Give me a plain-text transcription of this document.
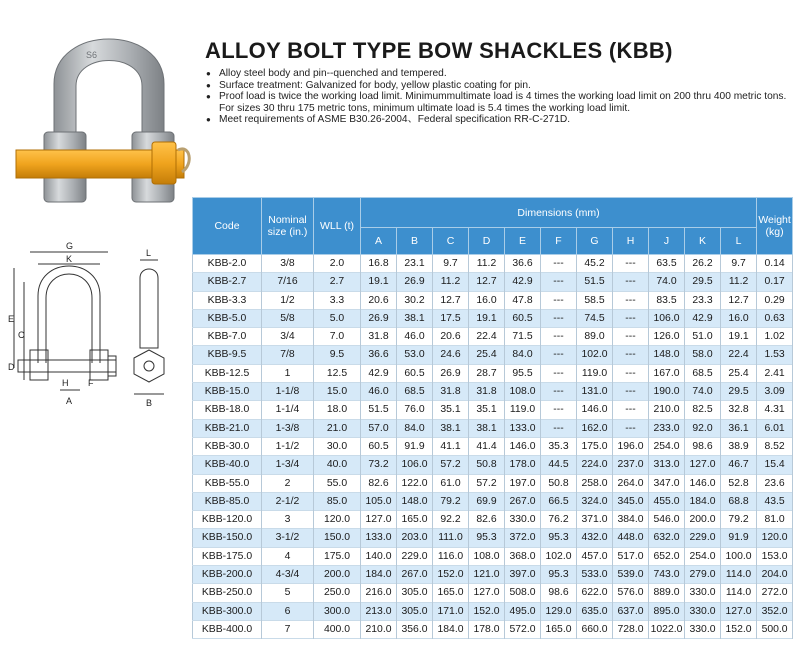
S6	ALLOY BOLT TYPE BOW SHACKLES (KBB)
● Alloy steel body and pin--quenched and tempered.
● Surface treatment: Galvanized for body, yellow plastic coating for pin.
● Proof load is twice the working load limit. Minimummultimate load is 4 times the working load limit on 200 thru 400 metric tons. For sizes 30 thru 175 metric tons, minimum ultimate load is 5.4 times the working load limit.
● Meet requirements of ASME B30.26-2004、Federal specification RR-C-271D.
G
K
E
C
D
H
A
F
L
B
Code	Nominal
size (in.)	WLL (t)	Dimensions (mm)											Weight
(kg)
			A	B	C	D	E	F	G	H	J	K	L	
KBB-2.0	3/8	2.0	16.8	23.1	9.7	11.2	36.6	---	45.2	---	63.5	26.2	9.7	0.14
KBB-2.7	7/16	2.7	19.1	26.9	11.2	12.7	42.9	---	51.5	---	74.0	29.5	11.2	0.17
KBB-3.3	1/2	3.3	20.6	30.2	12.7	16.0	47.8	---	58.5	---	83.5	23.3	12.7	0.29
KBB-5.0	5/8	5.0	26.9	38.1	17.5	19.1	60.5	---	74.5	---	106.0	42.9	16.0	0.63
KBB-7.0	3/4	7.0	31.8	46.0	20.6	22.4	71.5	---	89.0	---	126.0	51.0	19.1	1.02
KBB-9.5	7/8	9.5	36.6	53.0	24.6	25.4	84.0	---	102.0	---	148.0	58.0	22.4	1.53
KBB-12.5	1	12.5	42.9	60.5	26.9	28.7	95.5	---	119.0	---	167.0	68.5	25.4	2.41
KBB-15.0	1-1/8	15.0	46.0	68.5	31.8	31.8	108.0	---	131.0	---	190.0	74.0	29.5	3.09
KBB-18.0	1-1/4	18.0	51.5	76.0	35.1	35.1	119.0	---	146.0	---	210.0	82.5	32.8	4.31
KBB-21.0	1-3/8	21.0	57.0	84.0	38.1	38.1	133.0	---	162.0	---	233.0	92.0	36.1	6.01
KBB-30.0	1-1/2	30.0	60.5	91.9	41.1	41.4	146.0	35.3	175.0	196.0	254.0	98.6	38.9	8.52
KBB-40.0	1-3/4	40.0	73.2	106.0	57.2	50.8	178.0	44.5	224.0	237.0	313.0	127.0	46.7	15.4
KBB-55.0	2	55.0	82.6	122.0	61.0	57.2	197.0	50.8	258.0	264.0	347.0	146.0	52.8	23.6
KBB-85.0	2-1/2	85.0	105.0	148.0	79.2	69.9	267.0	66.5	324.0	345.0	455.0	184.0	68.8	43.5
KBB-120.0	3	120.0	127.0	165.0	92.2	82.6	330.0	76.2	371.0	384.0	546.0	200.0	79.2	81.0
KBB-150.0	3-1/2	150.0	133.0	203.0	111.0	95.3	372.0	95.3	432.0	448.0	632.0	229.0	91.9	120.0
KBB-175.0	4	175.0	140.0	229.0	116.0	108.0	368.0	102.0	457.0	517.0	652.0	254.0	100.0	153.0
KBB-200.0	4-3/4	200.0	184.0	267.0	152.0	121.0	397.0	95.3	533.0	539.0	743.0	279.0	114.0	204.0
KBB-250.0	5	250.0	216.0	305.0	165.0	127.0	508.0	98.6	622.0	576.0	889.0	330.0	114.0	272.0
KBB-300.0	6	300.0	213.0	305.0	171.0	152.0	495.0	129.0	635.0	637.0	895.0	330.0	127.0	352.0
KBB-400.0	7	400.0	210.0	356.0	184.0	178.0	572.0	165.0	660.0	728.0	1022.0	330.0	152.0	500.0
